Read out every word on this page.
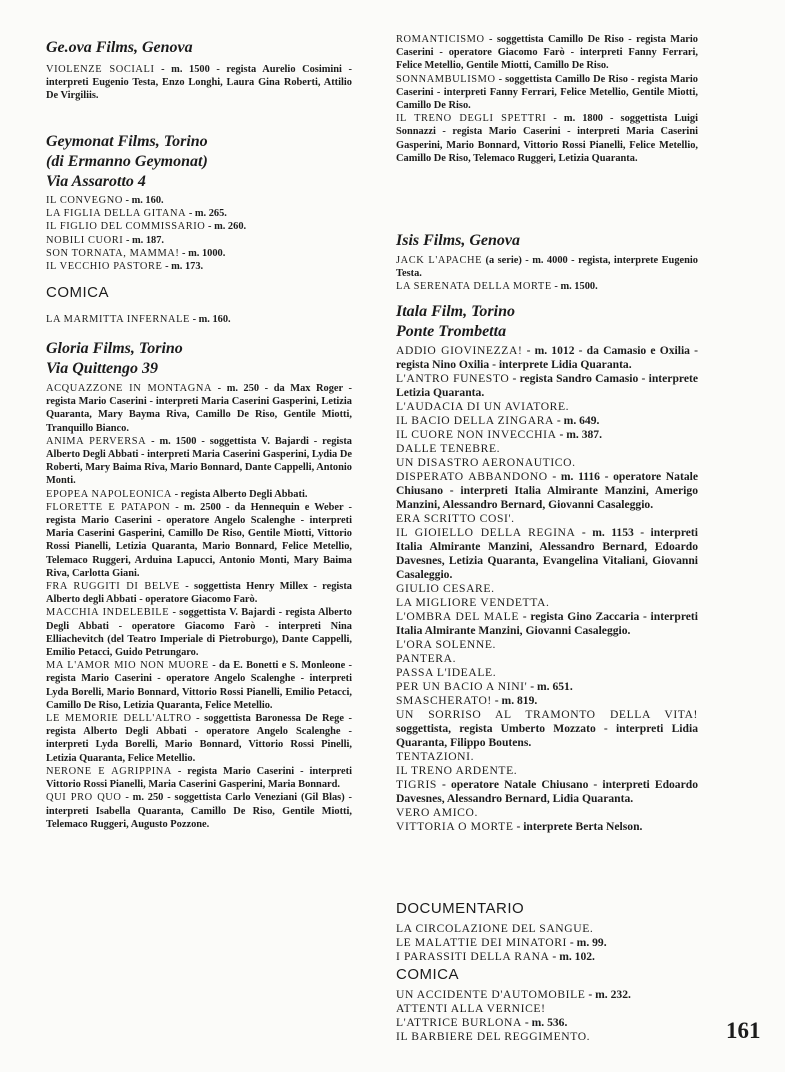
Ge.ova Films, Genova
VIOLENZE SOCIALI - m. 1500 - regista Aurelio Cosimini - interpreti Eugenio Testa, Enzo Longhi, Laura Gina Roberti, Attilio De Virgiliis.
Geymonat Films, Torino
(di Ermanno Geymonat)
Via Assarotto 4
IL CONVEGNO - m. 160.
LA FIGLIA DELLA GITANA - m. 265.
IL FIGLIO DEL COMMISSARIO - m. 260.
NOBILI CUORI - m. 187.
SON TORNATA, MAMMA! - m. 1000.
IL VECCHIO PASTORE - m. 173.
COMICA
LA MARMITTA INFERNALE - m. 160.
Gloria Films, Torino
Via Quittengo 39
ACQUAZZONE IN MONTAGNA - m. 250 - da Max Roger - regista Mario Caserini - interpreti Maria Caserini Gasperini, Letizia Quaranta, Mary Bayma Riva, Camillo De Riso, Gentile Miotti, Tranquillo Bianco.
ANIMA PERVERSA - m. 1500 - soggettista V. Bajardi - regista Alberto Degli Abbati - interpreti Maria Caserini Gasperini, Lydia De Roberti, Mary Baima Riva, Mario Bonnard, Dante Cappelli, Antonio Monti.
EPOPEA NAPOLEONICA - regista Alberto Degli Abbati.
FLORETTE E PATAPON - m. 2500 - da Hennequin e Weber - regista Mario Caserini - operatore Angelo Scalenghe - interpreti Maria Caserini Gasperini, Camillo De Riso, Gentile Miotti, Vittorio Rossi Pianelli, Letizia Quaranta, Mario Bonnard, Felice Metellio, Telemaco Ruggeri, Arduina Lapucci, Antonio Monti, Mary Baima Riva, Carlotta Giani.
FRA RUGGITI DI BELVE - soggettista Henry Millex - regista Alberto degli Abbati - operatore Giacomo Farò.
MACCHIA INDELEBILE - soggettista V. Bajardi - regista Alberto Degli Abbati - operatore Giacomo Farò - interpreti Nina Elliachevitch (del Teatro Imperiale di Pietroburgo), Dante Cappelli, Emilio Petacci, Guido Petrungaro.
MA L'AMOR MIO NON MUORE - da E. Bonetti e S. Monleone - regista Mario Caserini - operatore Angelo Scalenghe - interpreti Lyda Borelli, Mario Bonnard, Vittorio Rossi Pianelli, Emilio Petacci, Camillo De Riso, Letizia Quaranta, Felice Metellio.
LE MEMORIE DELL'ALTRO - soggettista Baronessa De Rege - regista Alberto Degli Abbati - operatore Angelo Scalenghe - interpreti Lyda Borelli, Mario Bonnard, Vittorio Rossi Pinelli, Letizia Quaranta, Felice Metellio.
NERONE E AGRIPPINA - regista Mario Caserini - interpreti Vittorio Rossi Pianelli, Maria Caserini Gasperini, Maria Bonnard.
QUI PRO QUO - m. 250 - soggettista Carlo Veneziani (Gil Blas) - interpreti Isabella Quaranta, Camillo De Riso, Gentile Miotti, Telemaco Ruggeri, Augusto Pozzone.
ROMANTICISMO - soggettista Camillo De Riso - regista Mario Caserini - operatore Giacomo Farò - interpreti Fanny Ferrari, Felice Metellio, Gentile Miotti, Camillo De Riso.
SONNAMBULISMO - soggettista Camillo De Riso - regista Mario Caserini - interpreti Fanny Ferrari, Felice Metellio, Gentile Miotti, Camillo De Riso.
IL TRENO DEGLI SPETTRI - m. 1800 - soggettista Luigi Sonnazzi - regista Mario Caserini - interpreti Maria Caserini Gasperini, Mario Bonnard, Vittorio Rossi Pianelli, Felice Metellio, Camillo De Riso, Telemaco Ruggeri, Letizia Quaranta.
Isis Films, Genova
JACK L'APACHE (a serie) - m. 4000 - regista, interprete Eugenio Testa.
LA SERENATA DELLA MORTE - m. 1500.
Itala Film, Torino
Ponte Trombetta
ADDIO GIOVINEZZA! - m. 1012 - da Camasio e Oxilia - regista Nino Oxilia - interprete Lidia Quaranta.
L'ANTRO FUNESTO - regista Sandro Camasio - interprete Letizia Quaranta.
L'AUDACIA DI UN AVIATORE.
IL BACIO DELLA ZINGARA - m. 649.
IL CUORE NON INVECCHIA - m. 387.
DALLE TENEBRE.
UN DISASTRO AERONAUTICO.
DISPERATO ABBANDONO - m. 1116 - operatore Natale Chiusano - interpreti Italia Almirante Manzini, Amerigo Manzini, Alessandro Bernard, Giovanni Casaleggio.
ERA SCRITTO COSI'.
IL GIOIELLO DELLA REGINA - m. 1153 - interpreti Italia Almirante Manzini, Alessandro Bernard, Edoardo Davesnes, Letizia Quaranta, Evangelina Vitaliani, Giovanni Casaleggio.
GIULIO CESARE.
LA MIGLIORE VENDETTA.
L'OMBRA DEL MALE - regista Gino Zaccaria - interpreti Italia Almirante Manzini, Giovanni Casaleggio.
L'ORA SOLENNE.
PANTERA.
PASSA L'IDEALE.
PER UN BACIO A NINI' - m. 651.
SMASCHERATO! - m. 819.
UN SORRISO AL TRAMONTO DELLA VITA! soggettista, regista Umberto Mozzato - interpreti Lidia Quaranta, Filippo Boutens.
TENTAZIONI.
IL TRENO ARDENTE.
TIGRIS - operatore Natale Chiusano - interpreti Edoardo Davesnes, Alessandro Bernard, Lidia Quaranta.
VERO AMICO.
VITTORIA O MORTE - interprete Berta Nelson.
DOCUMENTARIO
LA CIRCOLAZIONE DEL SANGUE.
LE MALATTIE DEI MINATORI - m. 99.
I PARASSITI DELLA RANA - m. 102.
COMICA
UN ACCIDENTE D'AUTOMOBILE - m. 232.
ATTENTI ALLA VERNICE!
L'ATTRICE BURLONA - m. 536.
IL BARBIERE DEL REGGIMENTO.	161
